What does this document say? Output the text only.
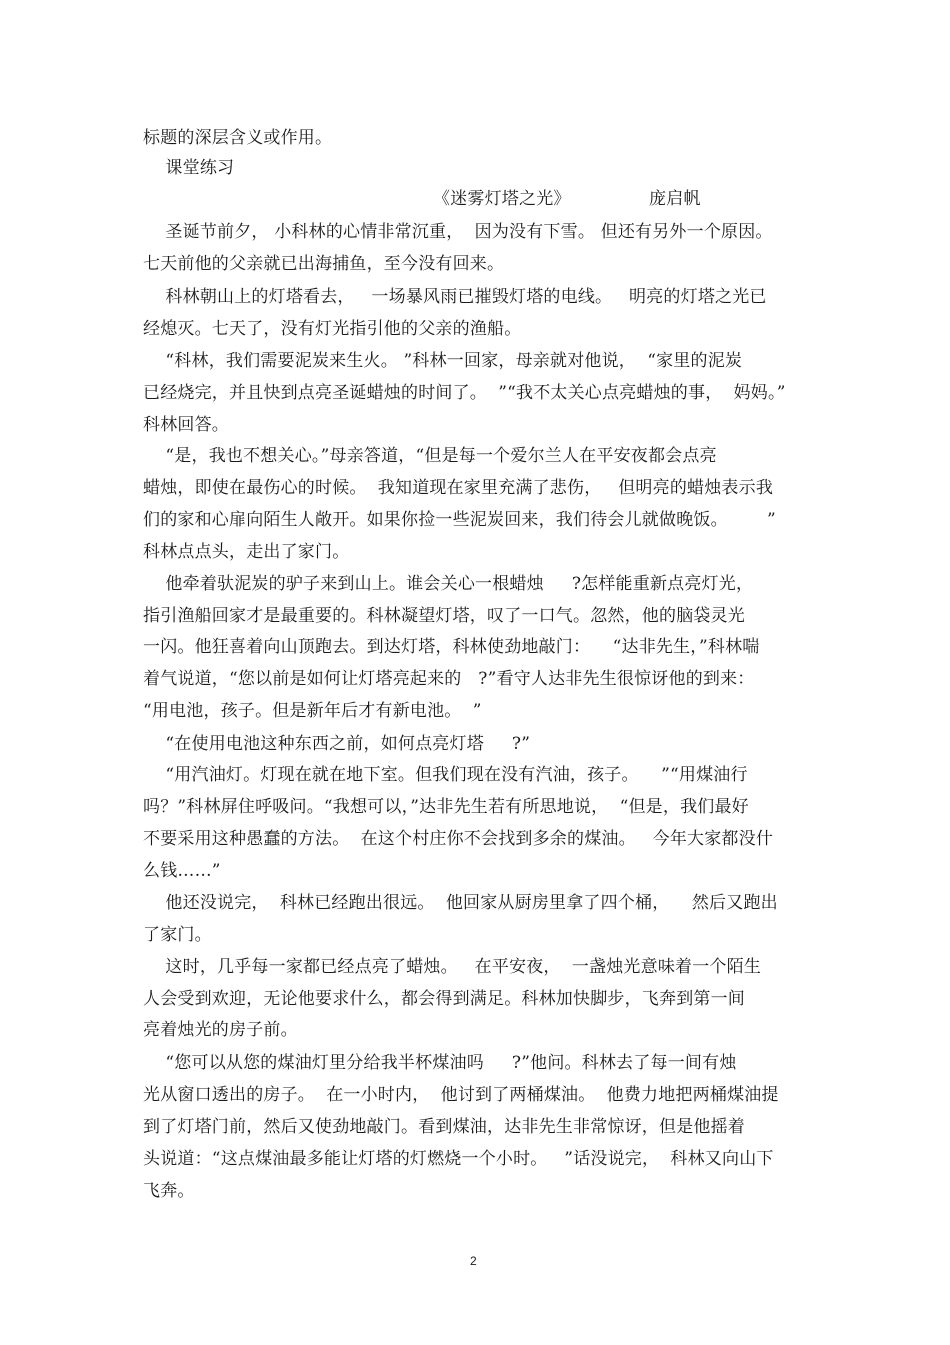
标题的深层含义或作用。
课堂练习
《迷雾灯塔之光》              庞启帆
圣诞节前夕， 小科林的心情非常沉重，  因为没有下雪。 但还有另外一个原因。
七天前他的父亲就已出海捕鱼，至今没有回来。
科林朝山上的灯塔看去，   一场暴风雨已摧毁灯塔的电线。   明亮的灯塔之光已
经熄灭。七天了，没有灯光指引他的父亲的渔船。
“科林，我们需要泥炭来生火。 ”科林一回家，母亲就对他说，  “家里的泥炭
已经烧完，并且快到点亮圣诞蜡烛的时间了。  ”“我不太关心点亮蜡烛的事，  妈妈。”
科林回答。
“是，我也不想关心。”母亲答道，“但是每一个爱尔兰人在平安夜都会点亮
蜡烛，即使在最伤心的时候。  我知道现在家里充满了悲伤，   但明亮的蜡烛表示我
们的家和心扉向陌生人敞开。如果你捡一些泥炭回来，我们待会儿就做晚饭。       ”
科林点点头，走出了家门。
他牵着驮泥炭的驴子来到山上。谁会关心一根蜡烛     ?怎样能重新点亮灯光，
指引渔船回家才是最重要的。科林凝望灯塔，叹了一口气。忽然，他的脑袋灵光
一闪。他狂喜着向山顶跑去。到达灯塔，科林使劲地敲门：    “达非先生，”科林喘
着气说道，“您以前是如何让灯塔亮起来的   ?”看守人达非先生很惊讶他的到来：
“用电池，孩子。但是新年后才有新电池。  ”
“在使用电池这种东西之前，如何点亮灯塔     ?”
“用汽油灯。灯现在就在地下室。但我们现在没有汽油，孩子。    ”“用煤油行
吗？”科林屏住呼吸问。“我想可以，”达非先生若有所思地说，  “但是，我们最好
不要采用这种愚蠢的方法。  在这个村庄你不会找到多余的煤油。   今年大家都没什
么钱……”
他还没说完，  科林已经跑出很远。  他回家从厨房里拿了四个桶，    然后又跑出
了家门。
这时，几乎每一家都已经点亮了蜡烛。   在平安夜，  一盏烛光意味着一个陌生
人会受到欢迎，无论他要求什么，都会得到满足。科林加快脚步，飞奔到第一间
亮着烛光的房子前。
“您可以从您的煤油灯里分给我半杯煤油吗     ?”他问。科林去了每一间有烛
光从窗口透出的房子。  在一小时内，  他讨到了两桶煤油。  他费力地把两桶煤油提
到了灯塔门前，然后又使劲地敲门。看到煤油，达非先生非常惊讶，但是他摇着
头说道：“这点煤油最多能让灯塔的灯燃烧一个小时。   ”话没说完，  科林又向山下
飞奔。
2
